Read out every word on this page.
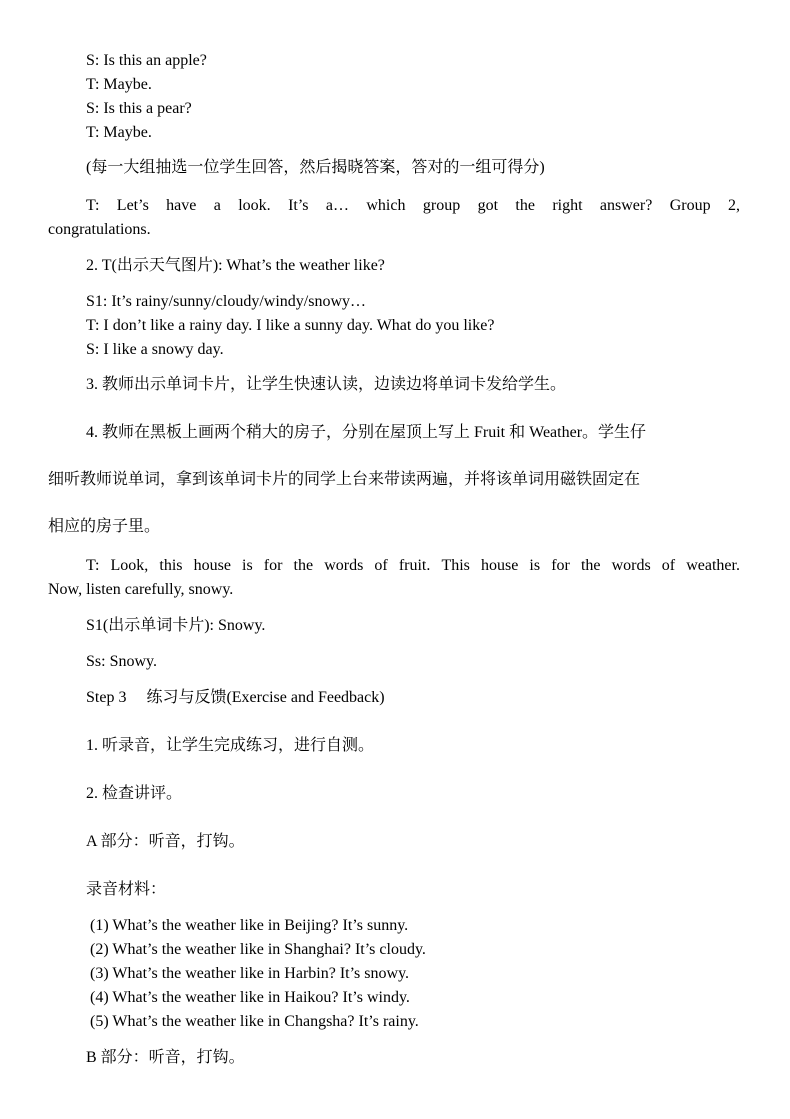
S: Is this an apple?
T: Maybe.
S: Is this a pear?
T: Maybe.
(每一大组抽选一位学生回答，然后揭晓答案，答对的一组可得分)
T: Let’s have a look. It’s a… which group got the right answer? Group 2,
congratulations.
2. T(出示天气图片): What’s the weather like?
S1: It’s rainy/sunny/cloudy/windy/snowy…
T: I don’t like a rainy day. I like a sunny day. What do you like?
S: I like a snowy day.
3. 教师出示单词卡片，让学生快速认读，边读边将单词卡发给学生。
4. 教师在黑板上画两个稍大的房子，分别在屋顶上写上 Fruit 和 Weather。学生仔
细听教师说单词，拿到该单词卡片的同学上台来带读两遍，并将该单词用磁铁固定在
相应的房子里。
T: Look, this house is for the words of fruit. This house is for the words of weather.
Now, listen carefully, snowy.
S1(出示单词卡片): Snowy.
Ss: Snowy.
Step 3　 练习与反馈(Exercise and Feedback)
1. 听录音，让学生完成练习，进行自测。
2. 检查讲评。
A 部分：听音，打钩。
录音材料：
(1) What’s the weather like in Beijing? It’s sunny.
(2) What’s the weather like in Shanghai? It’s cloudy.
(3) What’s the weather like in Harbin? It’s snowy.
(4) What’s the weather like in Haikou? It’s windy.
(5) What’s the weather like in Changsha? It’s rainy.
B 部分：听音，打钩。
